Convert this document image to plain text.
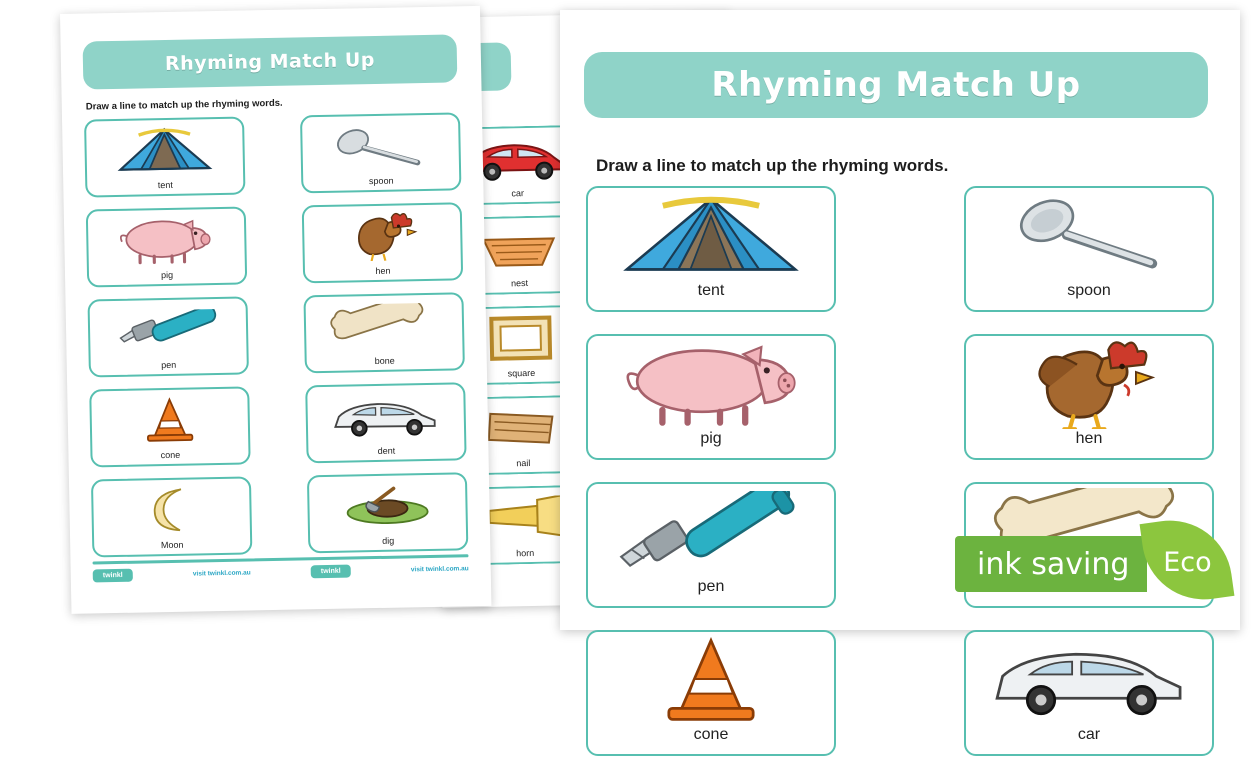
car
nest
square
nail
horn
Rhyming Match Up
Draw a line to match up the rhyming words.
tent	spoon
pig	hen
pen	bone
cone	dent
Moon	dig
twinkl	visit twinkl.com.au	twinkl	visit twinkl.com.au
Rhyming Match Up
Draw a line to match up the rhyming words.
tent	spoon
pig	hen
pen
cone	car
ink saving	Eco
